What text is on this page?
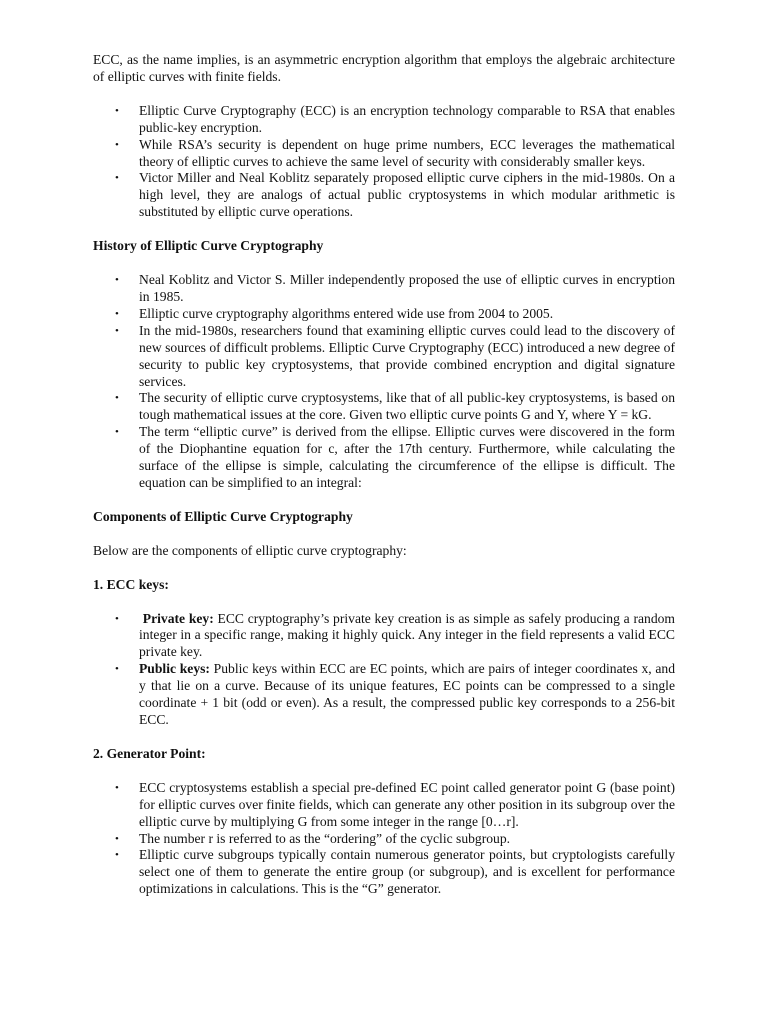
ECC, as the name implies, is an asymmetric encryption algorithm that employs the algebraic architecture of elliptic curves with finite fields.

• Elliptic Curve Cryptography (ECC) is an encryption technology comparable to RSA that enables public-key encryption.
• While RSA’s security is dependent on huge prime numbers, ECC leverages the mathematical theory of elliptic curves to achieve the same level of security with considerably smaller keys.
• Victor Miller and Neal Koblitz separately proposed elliptic curve ciphers in the mid-1980s. On a high level, they are analogs of actual public cryptosystems in which modular arithmetic is substituted by elliptic curve operations.

History of Elliptic Curve Cryptography

• Neal Koblitz and Victor S. Miller independently proposed the use of elliptic curves in encryption in 1985.
• Elliptic curve cryptography algorithms entered wide use from 2004 to 2005.
• In the mid-1980s, researchers found that examining elliptic curves could lead to the discovery of new sources of difficult problems. Elliptic Curve Cryptography (ECC) introduced a new degree of security to public key cryptosystems, that provide combined encryption and digital signature services.
• The security of elliptic curve cryptosystems, like that of all public-key cryptosystems, is based on tough mathematical issues at the core. Given two elliptic curve points G and Y, where Y = kG.
• The term “elliptic curve” is derived from the ellipse. Elliptic curves were discovered in the form of the Diophantine equation for c, after the 17th century. Furthermore, while calculating the surface of the ellipse is simple, calculating the circumference of the ellipse is difficult. The equation can be simplified to an integral:

Components of Elliptic Curve Cryptography

Below are the components of elliptic curve cryptography:

1. ECC keys:

• Private key: ECC cryptography’s private key creation is as simple as safely producing a random integer in a specific range, making it highly quick. Any integer in the field represents a valid ECC private key.
• Public keys: Public keys within ECC are EC points, which are pairs of integer coordinates x, and y that lie on a curve. Because of its unique features, EC points can be compressed to a single coordinate + 1 bit (odd or even). As a result, the compressed public key corresponds to a 256-bit ECC.

2. Generator Point:

• ECC cryptosystems establish a special pre-defined EC point called generator point G (base point) for elliptic curves over finite fields, which can generate any other position in its subgroup over the elliptic curve by multiplying G from some integer in the range [0…r].
• The number r is referred to as the “ordering” of the cyclic subgroup.
• Elliptic curve subgroups typically contain numerous generator points, but cryptologists carefully select one of them to generate the entire group (or subgroup), and is excellent for performance optimizations in calculations. This is the “G” generator.
